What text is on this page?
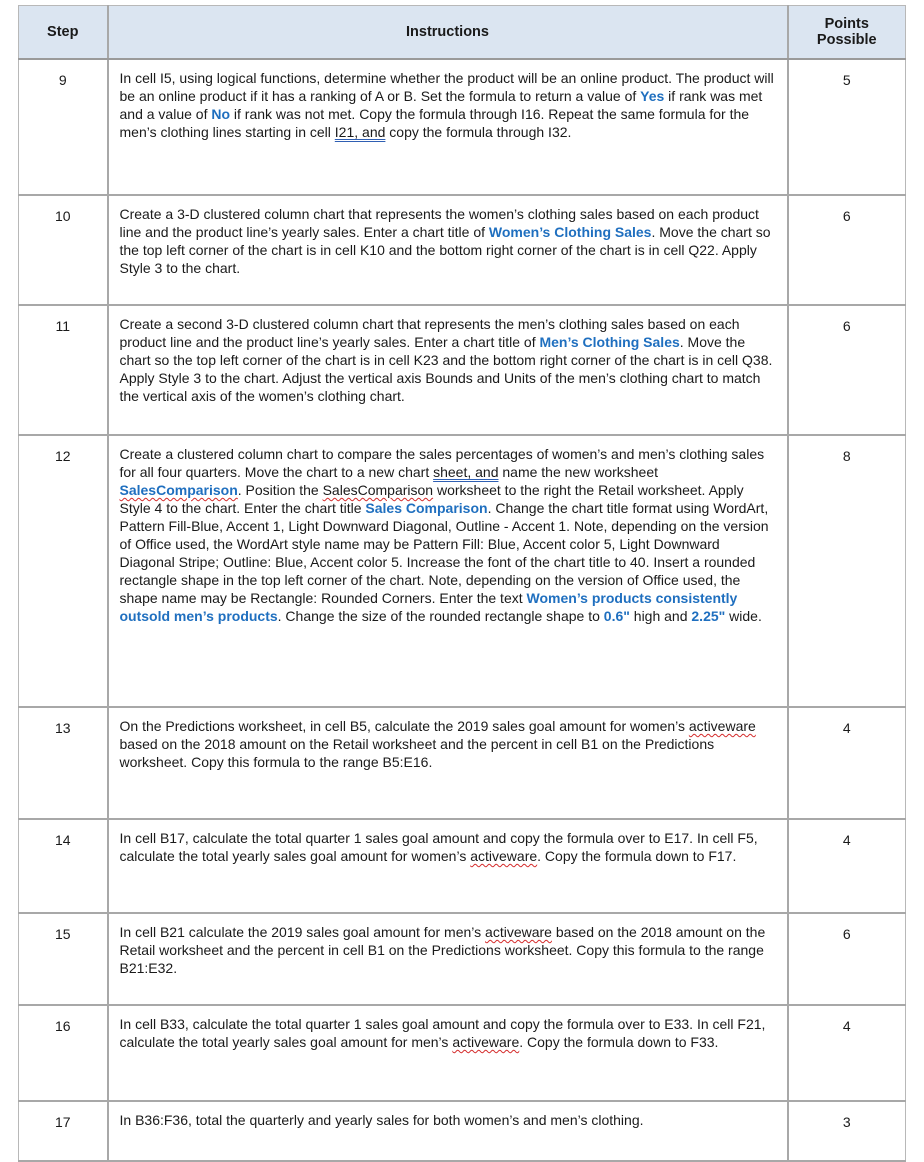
Step	Instructions	Points
Possible
9	In cell I5, using logical functions, determine whether the product will be an online product. The product will be an online product if it has a ranking of A or B. Set the formula to return a value of Yes if rank was met and a value of No if rank was not met. Copy the formula through I16. Repeat the same formula for the men’s clothing lines starting in cell I21, and copy the formula through I32.	5
10	Create a 3-D clustered column chart that represents the women’s clothing sales based on each product line and the product line’s yearly sales. Enter a chart title of Women’s Clothing Sales. Move the chart so the top left corner of the chart is in cell K10 and the bottom right corner of the chart is in cell Q22. Apply Style 3 to the chart.	6
11	Create a second 3-D clustered column chart that represents the men’s clothing sales based on each product line and the product line’s yearly sales. Enter a chart title of Men’s Clothing Sales. Move the chart so the top left corner of the chart is in cell K23 and the bottom right corner of the chart is in cell Q38. Apply Style 3 to the chart. Adjust the vertical axis Bounds and Units of the men’s clothing chart to match the vertical axis of the women’s clothing chart.	6
12	Create a clustered column chart to compare the sales percentages of women’s and men’s clothing sales for all four quarters. Move the chart to a new chart sheet, and name the new worksheet SalesComparison. Position the SalesComparison worksheet to the right the Retail worksheet. Apply Style 4 to the chart. Enter the chart title Sales Comparison. Change the chart title format using WordArt, Pattern Fill-Blue, Accent 1, Light Downward Diagonal, Outline - Accent 1. Note, depending on the version of Office used, the WordArt style name may be Pattern Fill: Blue, Accent color 5, Light Downward Diagonal Stripe; Outline: Blue, Accent color 5. Increase the font of the chart title to 40. Insert a rounded rectangle shape in the top left corner of the chart. Note, depending on the version of Office used, the shape name may be Rectangle: Rounded Corners. Enter the text Women’s products consistently outsold men’s products. Change the size of the rounded rectangle shape to 0.6" high and 2.25" wide.	8
13	On the Predictions worksheet, in cell B5, calculate the 2019 sales goal amount for women’s activeware based on the 2018 amount on the Retail worksheet and the percent in cell B1 on the Predictions worksheet. Copy this formula to the range B5:E16.	4
14	In cell B17, calculate the total quarter 1 sales goal amount and copy the formula over to E17. In cell F5, calculate the total yearly sales goal amount for women’s activeware. Copy the formula down to F17.	4
15	In cell B21 calculate the 2019 sales goal amount for men’s activeware based on the 2018 amount on the Retail worksheet and the percent in cell B1 on the Predictions worksheet. Copy this formula to the range B21:E32.	6
16	In cell B33, calculate the total quarter 1 sales goal amount and copy the formula over to E33. In cell F21, calculate the total yearly sales goal amount for men’s activeware. Copy the formula down to F33.	4
17	In B36:F36, total the quarterly and yearly sales for both women’s and men’s clothing.	3
